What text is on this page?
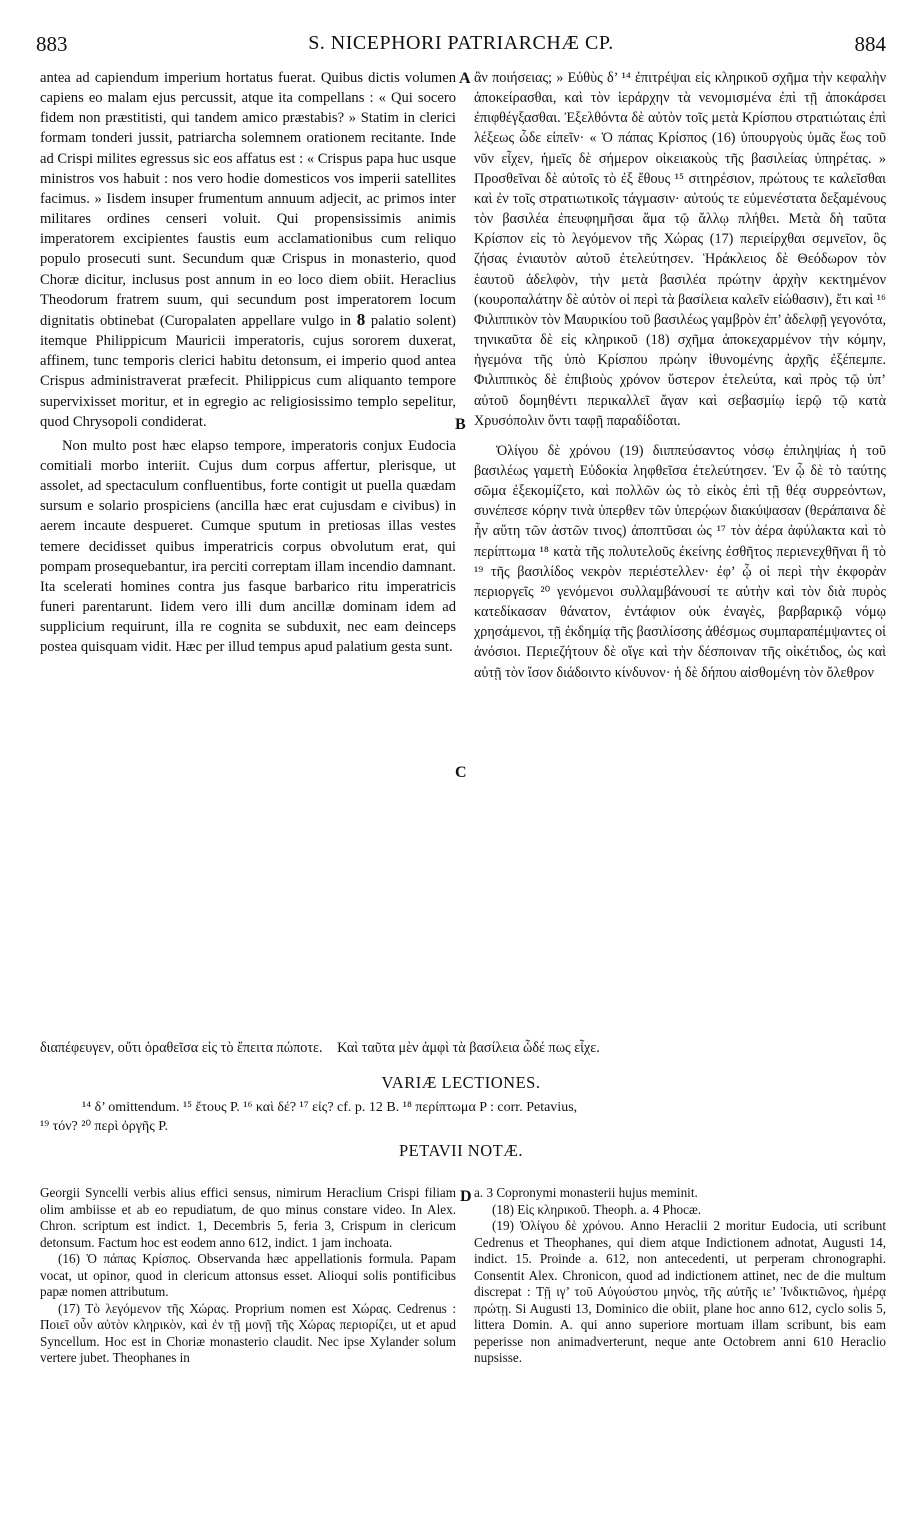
883	S. NICEPHORI PATRIARCHÆ CP.	884
A
B
C
D

antea ad capiendum imperium hortatus fuerat. Quibus dictis volumen capiens eo malam ejus percussit, atque ita compellans : « Qui socero fidem non præstitisti, qui tandem amico præstabis? » Statim in clerici formam tonderi jussit, patriarcha solemnem orationem recitante. Inde ad Crispi milites egressus sic eos affatus est : « Crispus papa huc usque ministros vos habuit : nos vero hodie domesticos vos imperii satellites facimus. » Iisdem insuper frumentum annuum adjecit, ac primos inter militares ordines censeri voluit. Qui propensissimis animis imperatorem excipientes faustis eum acclamationibus cum reliquo populo prosecuti sunt. Secundum quæ Crispus in monasterio, quod Choræ dicitur, inclusus post annum in eo loco diem obiit. Heraclius Theodorum fratrem suum, qui secundum post imperatorem locum dignitatis obtinebat (Curopalaten appellare vulgo in 8 palatio solent) itemque Philippicum Mauricii imperatoris, cujus sororem duxerat, affinem, tunc temporis clerici habitu detonsum, ei imperio quod antea Crispus administraverat præfecit. Philippicus cum aliquanto tempore supervixisset moritur, et in egregio ac religiosissimo templo sepelitur, quod Chrysopoli condiderat.

Non multo post hæc elapso tempore, imperatoris conjux Eudocia comitiali morbo interiit. Cujus dum corpus affertur, plerisque, ut assolet, ad spectaculum confluentibus, forte contigit ut puella quædam sursum e solario prospiciens (ancilla hæc erat cujusdam e civibus) in aerem incaute despueret. Cumque sputum in pretiosas illas vestes temere decidisset quibus imperatricis corpus obvolutum erat, qui pompam prosequebantur, ira perciti correptam illam incendio damnant. Ita scelerati homines contra jus fasque barbarico ritu imperatricis funeri parentarunt. Iidem vero illi dum ancillæ dominam idem ad supplicium requirunt, illa re cognita se subduxit, nec eam deinceps postea quisquam vidit. Hæc per illud tempus apud palatium gesta sunt.

ἂν ποιήσειας; » Εὐθὺς δ’ ¹⁴ ἐπιτρέψαι εἰς κληρικοῦ σχῆμα τὴν κεφαλὴν ἀποκείρασθαι, καὶ τὸν ἱεράρχην τὰ νενομισμένα ἐπὶ τῇ ἀποκάρσει ἐπιφθέγξασθαι. Ἐξελθόντα δὲ αὐτὸν τοῖς μετὰ Κρίσπου στρατιώταις ἐπὶ λέξεως ὧδε εἰπεῖν· « Ὁ πάπας Κρίσπος (16) ὑπουργοὺς ὑμᾶς ἕως τοῦ νῦν εἶχεν, ἡμεῖς δὲ σήμερον οἰκειακοὺς τῆς βασιλείας ὑπηρέτας. » Προσθεῖναι δὲ αὐτοῖς τὸ ἐξ ἔθους ¹⁵ σιτηρέσιον, πρώτους τε καλεῖσθαι καὶ ἐν τοῖς στρατιωτικοῖς τάγμασιν· αὐτούς τε εὐμενέστατα δεξαμένους τὸν βασιλέα ἐπευφημῆσαι ἅμα τῷ ἄλλῳ πλήθει. Μετὰ δὴ ταῦτα Κρίσπον εἰς τὸ λεγόμενον τῆς Χώρας (17) περιείρχθαι σεμνεῖον, ὃς ζήσας ἐνιαυτὸν αὐτοῦ ἐτελεύτησεν. Ἡράκλειος δὲ Θεόδωρον τὸν ἑαυτοῦ ἀδελφὸν, τὴν μετὰ βασιλέα πρώτην ἀρχὴν κεκτημένον (κουροπαλάτην δὲ αὐτὸν οἱ περὶ τὰ βασίλεια καλεῖν εἰώθασιν), ἔτι καὶ ¹⁶ Φιλιππικὸν τὸν Μαυρικίου τοῦ βασιλέως γαμβρὸν ἐπ’ ἀδελφῇ γεγονότα, τηνικαῦτα δὲ εἰς κληρικοῦ (18) σχῆμα ἀποκεχαρμένον τὴν κόμην, ἡγεμόνα τῆς ὑπὸ Κρίσπου πρώην ἰθυνομένης ἀρχῆς ἐξέπεμπε. Φιλιππικὸς δὲ ἐπιβιοὺς χρόνον ὕστερον ἐτελεύτα, καὶ πρὸς τῷ ὑπ’ αὐτοῦ δομηθέντι περικαλλεῖ ἄγαν καὶ σεβασμίῳ ἱερῷ τῷ κατὰ Χρυσόπολιν ὄντι ταφῇ παραδίδοται.

Ὀλίγου δὲ χρόνου (19) διιππεύσαντος νόσῳ ἐπιληψίας ἡ τοῦ βασιλέως γαμετὴ Εὐδοκία ληφθεῖσα ἐτελεύτησεν. Ἐν ᾧ δὲ τὸ ταύτης σῶμα ἐξεκομίζετο, καὶ πολλῶν ὡς τὸ εἰκὸς ἐπὶ τῇ θέᾳ συρρεόντων, συνέπεσε κόρην τινὰ ὑπερθεν τῶν ὑπερῴων διακύψασαν (θεράπαινα δὲ ἦν αὕτη τῶν ἀστῶν τινος) ἀποπτῦσαι ὡς ¹⁷ τὸν ἀέρα ἀφύλακτα καὶ τὸ περίπτωμα ¹⁸ κατὰ τῆς πολυτελοῦς ἐκείνης ἐσθῆτος περιενεχθῆναι ἣ τὸ ¹⁹ τῆς βασιλίδος νεκρὸν περιέστελλεν· ἐφ’ ᾧ οἱ περὶ τὴν ἐκφορὰν περιοργεῖς ²⁰ γενόμενοι συλλαμβάνουσί τε αὐτὴν καὶ τὸν διὰ πυρὸς κατεδίκασαν θάνατον, ἐντάφιον οὐκ ἐναγὲς, βαρβαρικῷ νόμῳ χρησάμενοι, τῇ ἐκδημίᾳ τῆς βασιλίσσης ἀθέσμως συμπαραπέμψαντες οἱ ἀνόσιοι. Περιεζήτουν δὲ οἵγε καὶ τὴν δέσποιναν τῆς οἰκέτιδος, ὡς καὶ αὐτῇ τὸν ἴσον διάδοιντο κίνδυνον· ἡ δὲ δήπου αἰσθομένη τὸν ὄλεθρον

διαπέφευγεν, οὔτι ὁραθεῖσα εἰς τὸ ἔπειτα πώποτε. Καὶ ταῦτα μὲν ἀμφὶ τὰ βασίλεια ὧδέ πως εἶχε.
VARIÆ LECTIONES.
¹⁴ δ’ omittendum. ¹⁵ ἔτους P. ¹⁶ καὶ δέ? ¹⁷ εἰς? cf. p. 12 B. ¹⁸ περίπτωμα P : corr. Petavius,
¹⁹ τόν? ²⁰ περὶ ὀργῆς P.
PETAVII NOTÆ.

Georgii Syncelli verbis alius effici sensus, nimirum Heraclium Crispi filiam olim ambiisse et ab eo repudiatum, de quo minus constare video. In Alex. Chron. scriptum est indict. 1, Decembris 5, feria 3, Crispum in clericum detonsum. Factum hoc est eodem anno 612, indict. 1 jam inchoata.

(16) Ὁ πάπας Κρίσπος. Observanda hæc appellationis formula. Papam vocat, ut opinor, quod in clericum attonsus esset. Alioqui solis pontificibus papæ nomen attributum.

(17) Τὸ λεγόμενον τῆς Χώρας. Proprium nomen est Χώρας. Cedrenus : Ποιεῖ οὖν αὐτὸν κληρικὸν, καὶ ἐν τῇ μονῇ τῆς Χώρας περιορίζει, ut et apud Syncellum. Hoc est in Choriæ monasterio claudit. Nec ipse Xylander solum vertere jubet. Theophanes in

a. 3 Copronymi monasterii hujus meminit.

(18) Εἰς κληρικοῦ. Theoph. a. 4 Phocæ.

(19) Ὀλίγου δὲ χρόνου. Anno Heraclii 2 moritur Eudocia, uti scribunt Cedrenus et Theophanes, qui diem atque Indictionem adnotat, Augusti 14, indict. 15. Proinde a. 612, non antecedenti, ut perperam chronographi. Consentit Alex. Chronicon, quod ad indictionem attinet, nec de die multum discrepat : Τῇ ιγ’ τοῦ Αὐγούστου μηνὸς, τῆς αὐτῆς ιε’ Ἰνδικτιῶνος, ἡμέρᾳ πρώτῃ. Si Augusti 13, Dominico die obiit, plane hoc anno 612, cyclo solis 5, littera Domin. A. qui anno superiore mortuam illam scribunt, bis eam peperisse non animadverterunt, neque ante Octobrem anni 610 Heraclio nupsisse.
